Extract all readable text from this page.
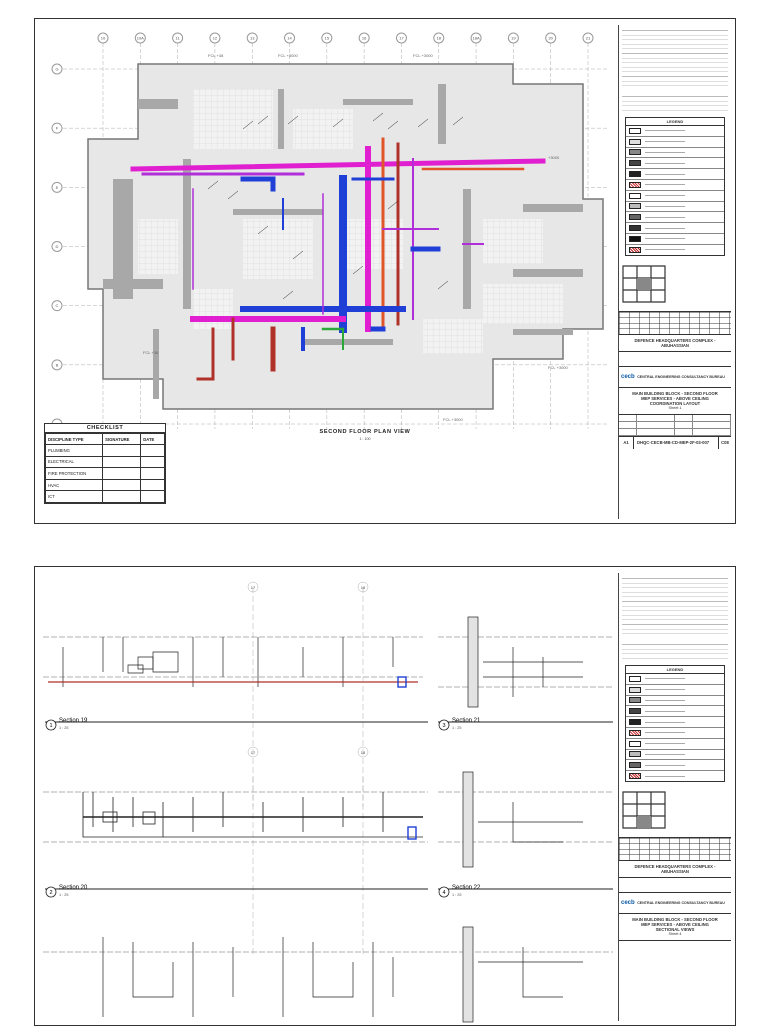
FCL +38	FCL +3000	FCL +3000
+3000
FCL +3000
FCL +38
FCL +3000
10	10A	11	12	13	14	15	16	17	18	18A	19	20	21
G
F
E
D
C
B
SECOND FLOOR PLAN VIEW
1 : 100
CHECKLIST
DISCIPLINE TYPE	SIGNATURE	DATE
PLUMBING		
ELECTRICAL		
FIRE PROTECTION		
HVAC		
ICT		
LEGEND
DEFENCE HEADQUARTERS COMPLEX - ABUHASSIAN
cecb CENTRAL ENGINEERING CONSULTANCY BUREAU
MAIN BUILDING BLOCK - SECOND FLOOR
MEP SERVICES - ABOVE CEILING
COORDINATION LAYOUT
Sheet 1
A1	DHQC-CECB-MB-CD-MEP-2F-03-007	C08
17	18
17	18
1
Section 19
1 : 25	3
Section 21
1 : 25
2
Section 20
1 : 25	4
Section 22
1 : 25
LEGEND
DEFENCE HEADQUARTERS COMPLEX - ABUHASSIAN
cecb CENTRAL ENGINEERING CONSULTANCY BUREAU
MAIN BUILDING BLOCK - SECOND FLOOR
MEP SERVICES - ABOVE CEILING
SECTIONAL VIEWS
Sheet 4
